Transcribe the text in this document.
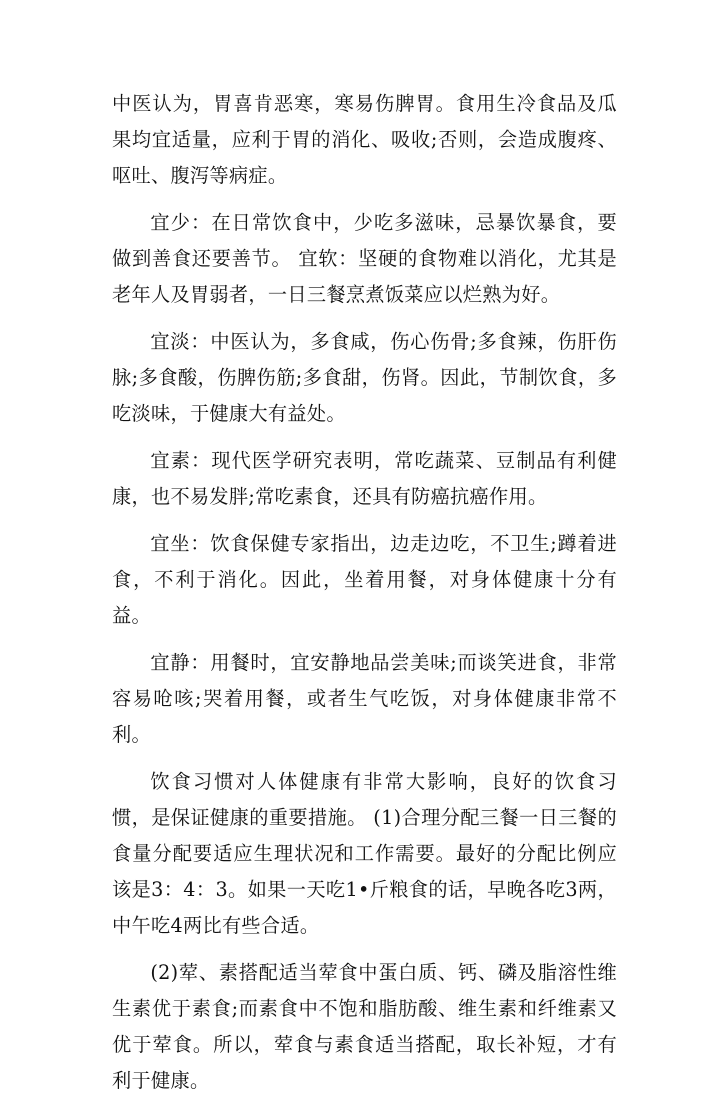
中医认为，胃喜肯恶寒，寒易伤脾胃。食用生冷食品及瓜果均宜适量，应利于胃的消化、吸收;否则，会造成腹疼、呕吐、腹泻等病症。

宜少：在日常饮食中，少吃多滋味，忌暴饮暴食，要做到善食还要善节。 宜软：坚硬的食物难以消化，尤其是老年人及胃弱者，一日三餐烹煮饭菜应以烂熟为好。

宜淡：中医认为，多食咸，伤心伤骨;多食辣，伤肝伤脉;多食酸，伤脾伤筋;多食甜，伤肾。因此，节制饮食，多吃淡味，于健康大有益处。

宜素：现代医学研究表明，常吃蔬菜、豆制品有利健康，也不易发胖;常吃素食，还具有防癌抗癌作用。

宜坐：饮食保健专家指出，边走边吃，不卫生;蹲着进食，不利于消化。因此，坐着用餐，对身体健康十分有益。

宜静：用餐时，宜安静地品尝美味;而谈笑进食，非常容易呛咳;哭着用餐，或者生气吃饭，对身体健康非常不利。

饮食习惯对人体健康有非常大影响，良好的饮食习惯，是保证健康的重要措施。 (1)合理分配三餐一日三餐的食量分配要适应生理状况和工作需要。最好的分配比例应该是3：4：3。如果一天吃1•斤粮食的话，早晚各吃3两，中午吃4两比有些合适。

(2)荤、素搭配适当荤食中蛋白质、钙、磷及脂溶性维生素优于素食;而素食中不饱和脂肪酸、维生素和纤维素又优于荤食。所以，荤食与素食适当搭配，取长补短，才有利于健康。
